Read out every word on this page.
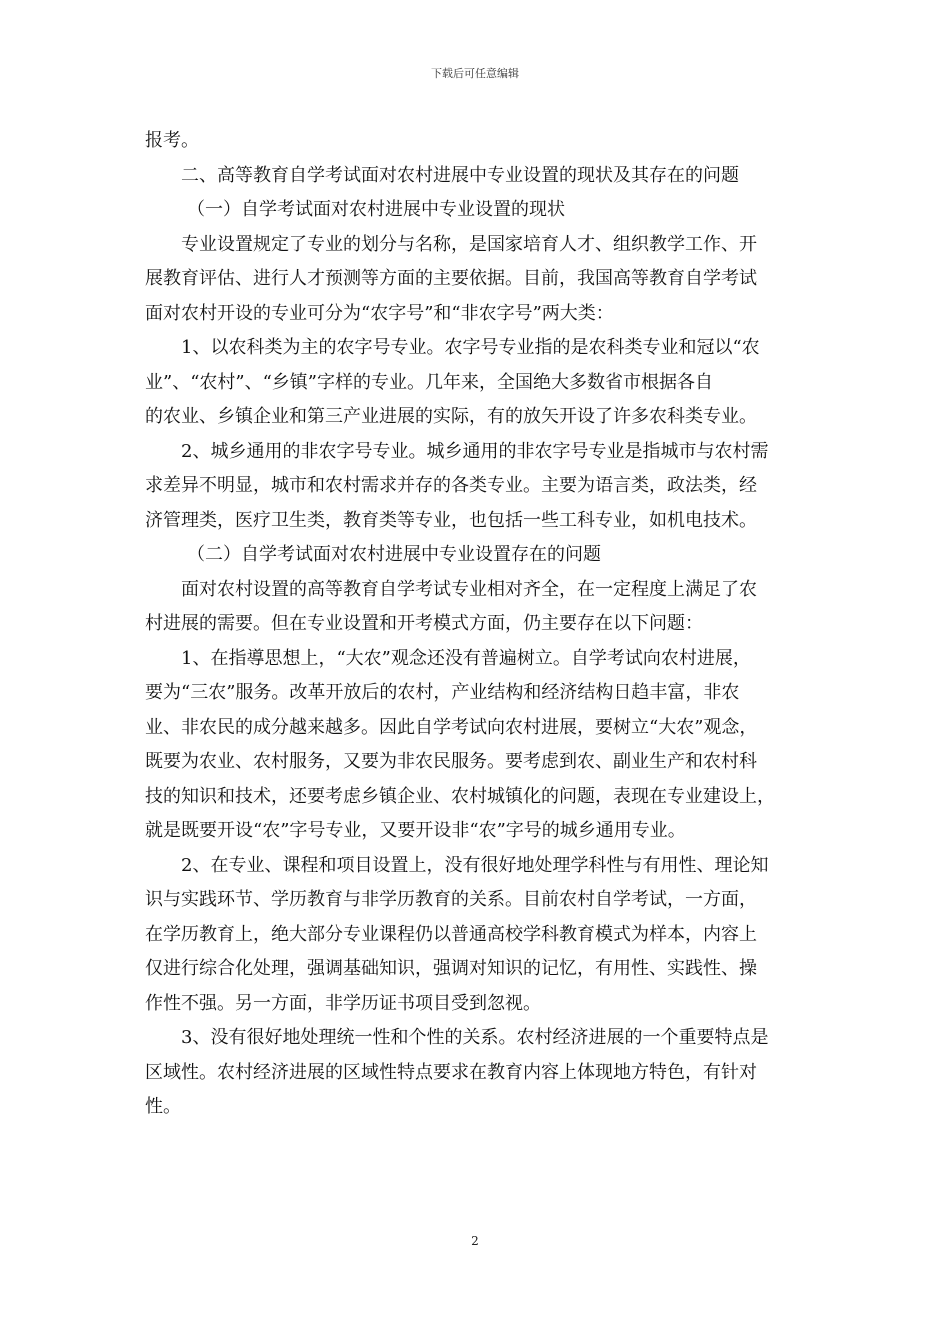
下载后可任意编辑

报考。

二、高等教育自学考试面对农村进展中专业设置的现状及其存在的问题

（一）自学考试面对农村进展中专业设置的现状

专业设置规定了专业的划分与名称，是国家培育人才、组织教学工作、开
展教育评估、进行人才预测等方面的主要依据。目前，我国高等教育自学考试
面对农村开设的专业可分为“农字号”和“非农字号”两大类：

1、以农科类为主的农字号专业。农字号专业指的是农科类专业和冠以“农
业”、“农村”、“乡镇”字样的专业。几年来，全国绝大多数省市根据各自
的农业、乡镇企业和第三产业进展的实际，有的放矢开设了许多农科类专业。

2、城乡通用的非农字号专业。城乡通用的非农字号专业是指城市与农村需
求差异不明显，城市和农村需求并存的各类专业。主要为语言类，政法类，经
济管理类，医疗卫生类，教育类等专业，也包括一些工科专业，如机电技术。

（二）自学考试面对农村进展中专业设置存在的问题

面对农村设置的高等教育自学考试专业相对齐全，在一定程度上满足了农
村进展的需要。但在专业设置和开考模式方面，仍主要存在以下问题：

1、在指導思想上，“大农”观念还没有普遍树立。自学考试向农村进展，
要为“三农”服务。改革开放后的农村，产业结构和经济结构日趋丰富，非农
业、非农民的成分越来越多。因此自学考试向农村进展，要树立“大农”观念，
既要为农业、农村服务，又要为非农民服务。要考虑到农、副业生产和农村科
技的知识和技术，还要考虑乡镇企业、农村城镇化的问题，表现在专业建设上，
就是既要开设“农”字号专业，又要开设非“农”字号的城乡通用专业。

2、在专业、课程和项目设置上，没有很好地处理学科性与有用性、理论知
识与实践环节、学历教育与非学历教育的关系。目前农村自学考试，一方面，
在学历教育上，绝大部分专业课程仍以普通高校学科教育模式为样本，内容上
仅进行综合化处理，强调基础知识，强调对知识的记忆，有用性、实践性、操
作性不强。另一方面，非学历证书项目受到忽视。

3、没有很好地处理统一性和个性的关系。农村经济进展的一个重要特点是
区域性。农村经济进展的区域性特点要求在教育内容上体现地方特色，有针对
性。

2
